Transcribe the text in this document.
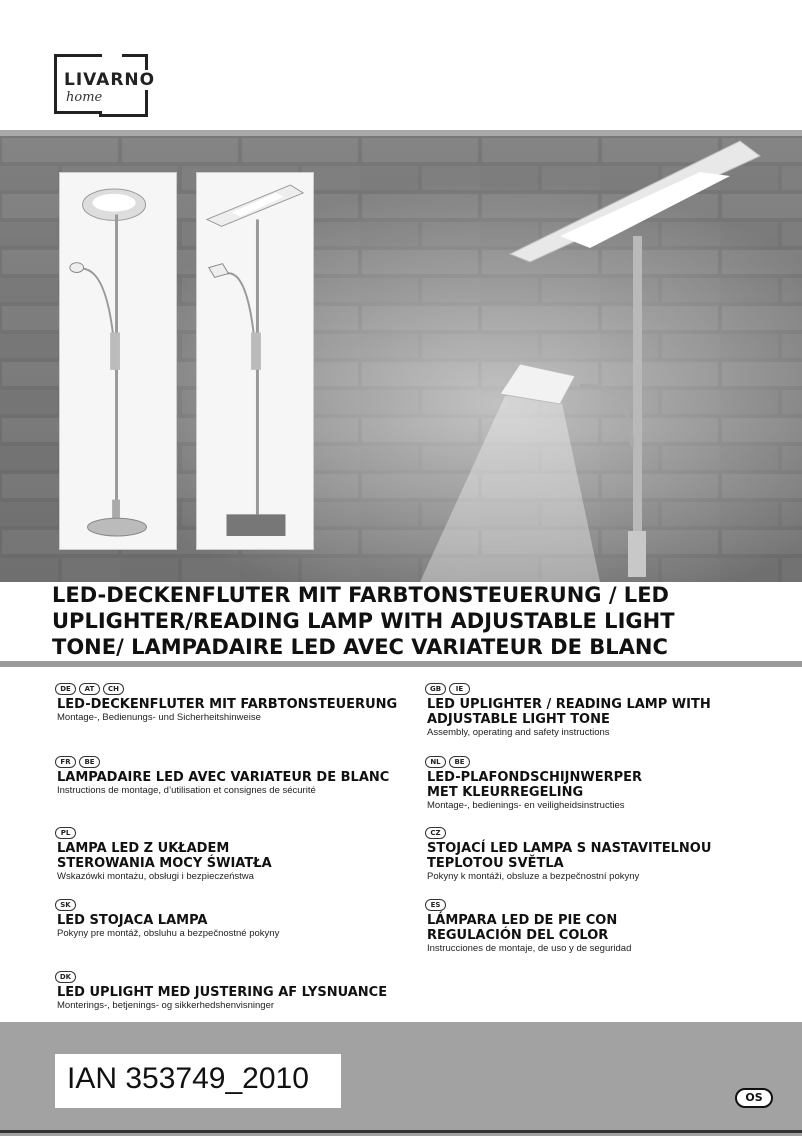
LIVARNO
home
LED-DECKENFLUTER MIT FARBTONSTEUERUNG / LED
UPLIGHTER/READING LAMP WITH ADJUSTABLE LIGHT
TONE/ LAMPADAIRE LED AVEC VARIATEUR DE BLANC
DE	AT	CH
LED-DECKENFLUTER MIT FARBTONSTEUERUNG
Montage-, Bedienungs- und Sicherheitshinweise
FR	BE
LAMPADAIRE LED AVEC VARIATEUR DE BLANC
Instructions de montage, d’utilisation et consignes de sécurité
PL
LAMPA LED Z UKŁADEM
STEROWANIA MOCY ŚWIATŁA
Wskazówki montażu, obsługi i bezpieczeństwa
SK
LED STOJACA LAMPA
Pokyny pre montáž, obsluhu a bezpečnostné pokyny
DK
LED UPLIGHT MED JUSTERING AF LYSNUANCE
Monterings-, betjenings- og sikkerhedshenvisninger
GB	IE
LED UPLIGHTER / READING LAMP WITH
ADJUSTABLE LIGHT TONE
Assembly, operating and safety instructions
NL	BE
LED-PLAFONDSCHIJNWERPER
MET KLEURREGELING
Montage-, bedienings- en veiligheidsinstructies
CZ
STOJACÍ LED LAMPA S NASTAVITELNOU
TEPLOTOU SVĚTLA
Pokyny k montáži, obsluze a bezpečnostní pokyny
ES
LÁMPARA LED DE PIE CON
REGULACIÓN DEL COLOR
Instrucciones de montaje, de uso y de seguridad
IAN 353749_2010
OS
